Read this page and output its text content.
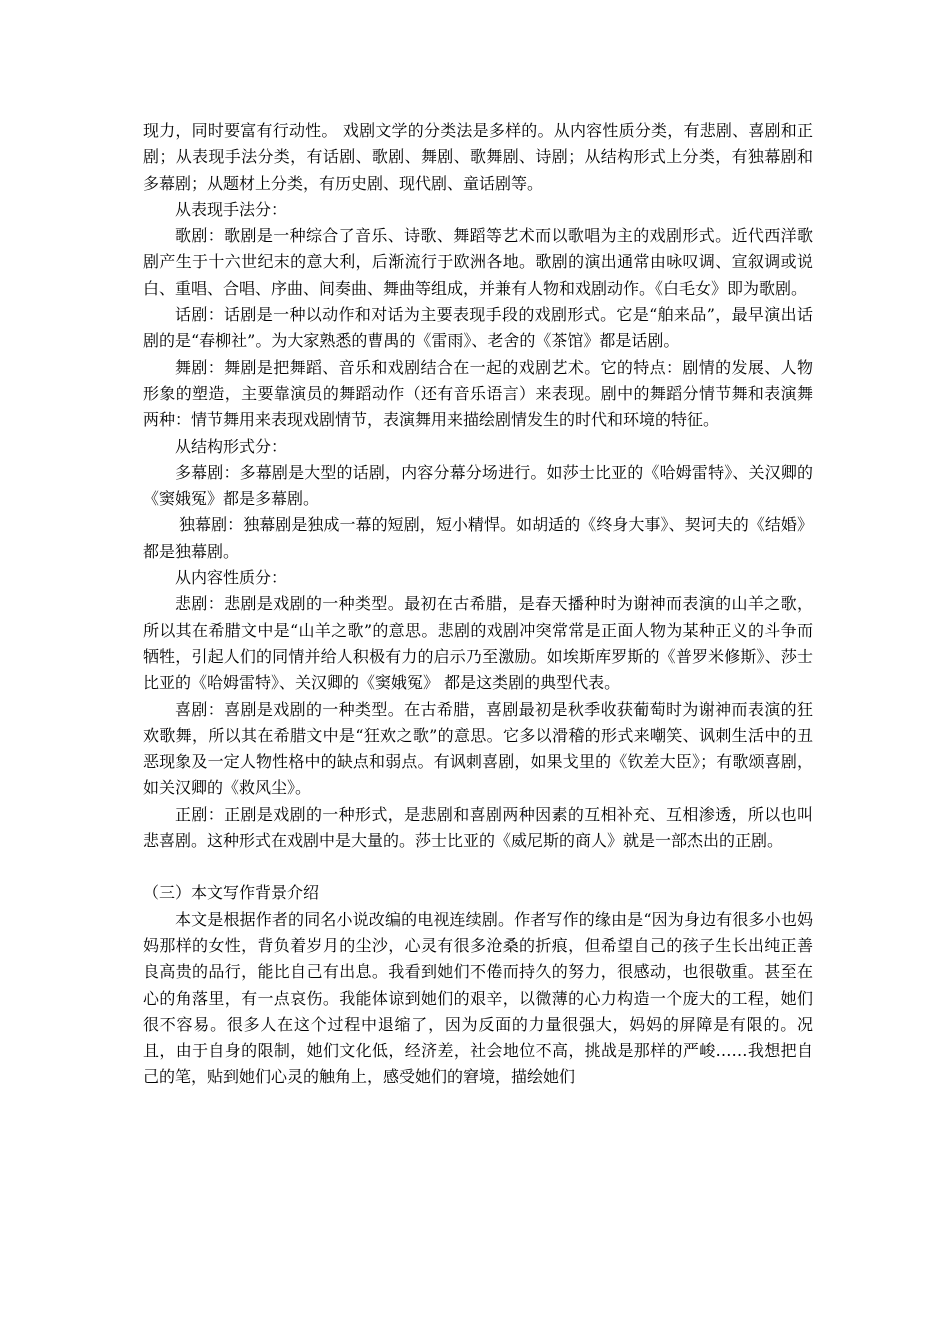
现力，同时要富有行动性。 戏剧文学的分类法是多样的。从内容性质分类，有悲剧、喜剧和正剧；从表现手法分类，有话剧、歌剧、舞剧、歌舞剧、诗剧；从结构形式上分类，有独幕剧和多幕剧；从题材上分类，有历史剧、现代剧、童话剧等。

从表现手法分：

歌剧：歌剧是一种综合了音乐、诗歌、舞蹈等艺术而以歌唱为主的戏剧形式。近代西洋歌剧产生于十六世纪末的意大利，后渐流行于欧洲各地。歌剧的演出通常由咏叹调、宣叙调或说白、重唱、合唱、序曲、间奏曲、舞曲等组成，并兼有人物和戏剧动作。《白毛女》即为歌剧。

话剧：话剧是一种以动作和对话为主要表现手段的戏剧形式。它是“舶来品”，最早演出话剧的是“春柳社”。为大家熟悉的曹禺的《雷雨》、老舍的《茶馆》都是话剧。

舞剧：舞剧是把舞蹈、音乐和戏剧结合在一起的戏剧艺术。它的特点：剧情的发展、人物形象的塑造，主要靠演员的舞蹈动作（还有音乐语言）来表现。剧中的舞蹈分情节舞和表演舞两种：情节舞用来表现戏剧情节，表演舞用来描绘剧情发生的时代和环境的特征。

从结构形式分：

多幕剧：多幕剧是大型的话剧，内容分幕分场进行。如莎士比亚的《哈姆雷特》、关汉卿的《窦娥冤》都是多幕剧。

独幕剧：独幕剧是独成一幕的短剧，短小精悍。如胡适的《终身大事》、契诃夫的《结婚》都是独幕剧。

从内容性质分：

悲剧：悲剧是戏剧的一种类型。最初在古希腊，是春天播种时为谢神而表演的山羊之歌，所以其在希腊文中是“山羊之歌”的意思。悲剧的戏剧冲突常常是正面人物为某种正义的斗争而牺牲，引起人们的同情并给人积极有力的启示乃至激励。如埃斯库罗斯的《普罗米修斯》、莎士比亚的《哈姆雷特》、关汉卿的《窦娥冤》 都是这类剧的典型代表。

喜剧：喜剧是戏剧的一种类型。在古希腊，喜剧最初是秋季收获葡萄时为谢神而表演的狂欢歌舞，所以其在希腊文中是“狂欢之歌”的意思。它多以滑稽的形式来嘲笑、讽刺生活中的丑恶现象及一定人物性格中的缺点和弱点。有讽刺喜剧，如果戈里的《钦差大臣》；有歌颂喜剧，如关汉卿的《救风尘》。

正剧：正剧是戏剧的一种形式，是悲剧和喜剧两种因素的互相补充、互相渗透，所以也叫悲喜剧。这种形式在戏剧中是大量的。莎士比亚的《威尼斯的商人》就是一部杰出的正剧。

（三）本文写作背景介绍

本文是根据作者的同名小说改编的电视连续剧。作者写作的缘由是“因为身边有很多小也妈妈那样的女性，背负着岁月的尘沙，心灵有很多沧桑的折痕，但希望自己的孩子生长出纯正善良高贵的品行，能比自己有出息。我看到她们不倦而持久的努力，很感动，也很敬重。甚至在心的角落里，有一点哀伤。我能体谅到她们的艰辛，以微薄的心力构造一个庞大的工程，她们很不容易。很多人在这个过程中退缩了，因为反面的力量很强大，妈妈的屏障是有限的。况且，由于自身的限制，她们文化低，经济差，社会地位不高，挑战是那样的严峻……我想把自己的笔，贴到她们心灵的触角上，感受她们的窘境，描绘她们
